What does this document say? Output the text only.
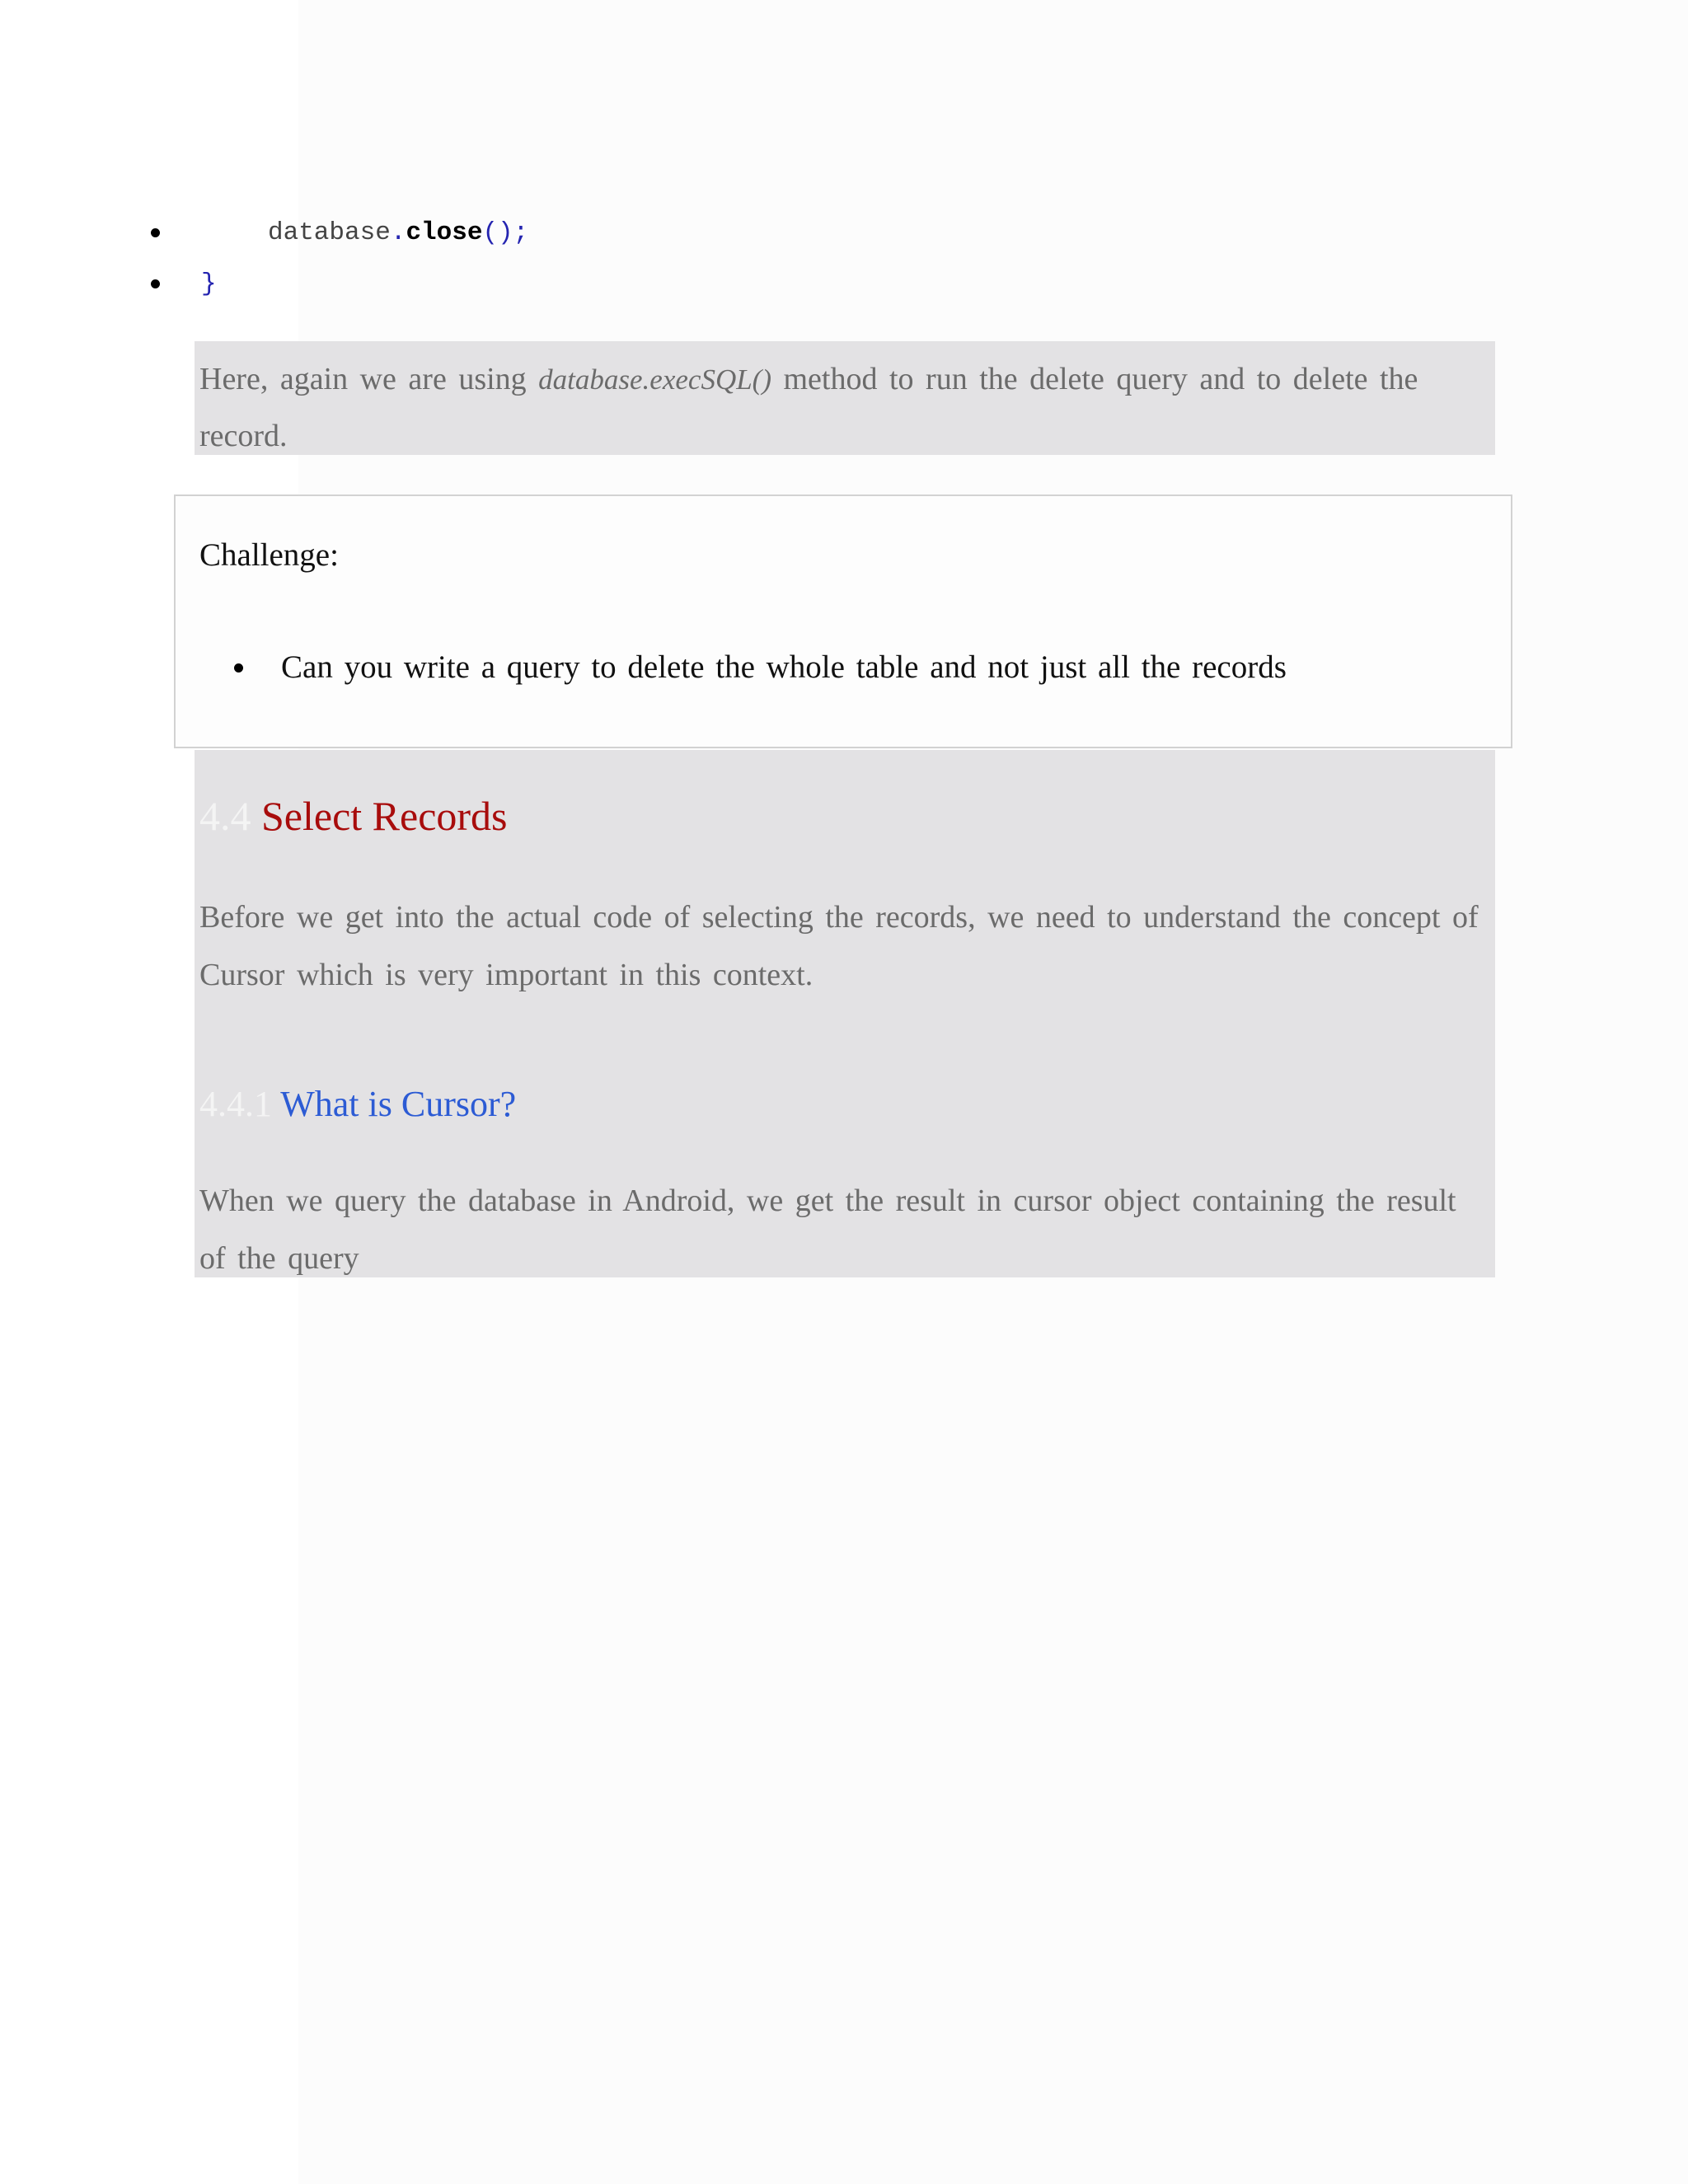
database.close();
}
Here, again we are using database.execSQL() method to run the delete query and to delete the record.
Challenge:
Can you write a query to delete the whole table and not just all the records
4.4 Select Records
Before we get into the actual code of selecting the records, we need to understand the concept of Cursor which is very important in this context.
4.4.1 What is Cursor?
When we query the database in Android, we get the result in cursor object containing the result of the query
